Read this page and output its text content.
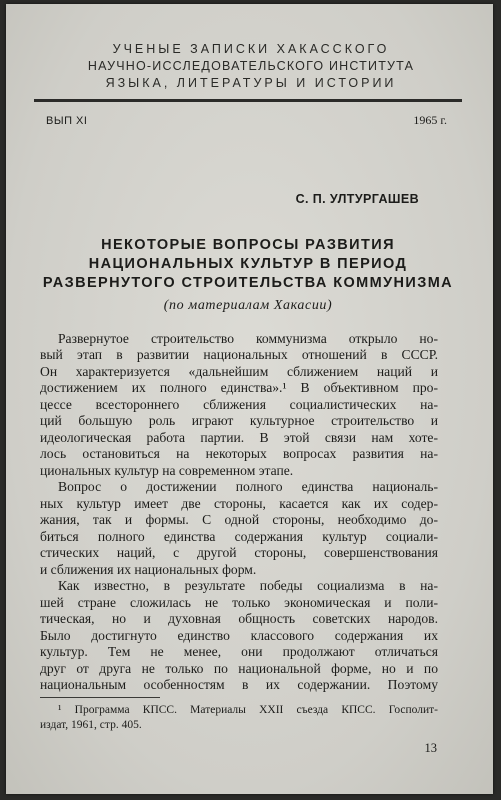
УЧЕНЫЕ ЗАПИСКИ ХАКАССКОГО
НАУЧНО-ИССЛЕДОВАТЕЛЬСКОГО ИНСТИТУТА
ЯЗЫКА, ЛИТЕРАТУРЫ И ИСТОРИИ
ВЫП XI	1965 г.
С. П. УЛТУРГАШЕВ
НЕКОТОРЫЕ ВОПРОСЫ РАЗВИТИЯ
НАЦИОНАЛЬНЫХ КУЛЬТУР В ПЕРИОД
РАЗВЕРНУТОГО СТРОИТЕЛЬСТВА КОММУНИЗМА
(по материалам Хакасии)
Развернутое строительство коммунизма открыло но-
вый этап в развитии национальных отношений в СССР.
Он характеризуется «дальнейшим сближением наций и
достижением их полного единства».¹ В объективном про-
цессе всестороннего сближения социалистических на-
ций большую роль играют культурное строительство и
идеологическая работа партии. В этой связи нам хоте-
лось остановиться на некоторых вопросах развития на-
циональных культур на современном этапе.
Вопрос о достижении полного единства националь-
ных культур имеет две стороны, касается как их содер-
жания, так и формы. С одной стороны, необходимо до-
биться полного единства содержания культур социали-
стических наций, с другой стороны, совершенствования
и сближения их национальных форм.
Как известно, в результате победы социализма в на-
шей стране сложилась не только экономическая и поли-
тическая, но и духовная общность советских народов.
Было достигнуто единство классового содержания их
культур. Тем не менее, они продолжают отличаться
друг от друга не только по национальной форме, но и по
национальным особенностям в их содержании. Поэтому
¹ Программа КПСС. Материалы XXII съезда КПСС. Госполит-
издат, 1961, стр. 405.
13
